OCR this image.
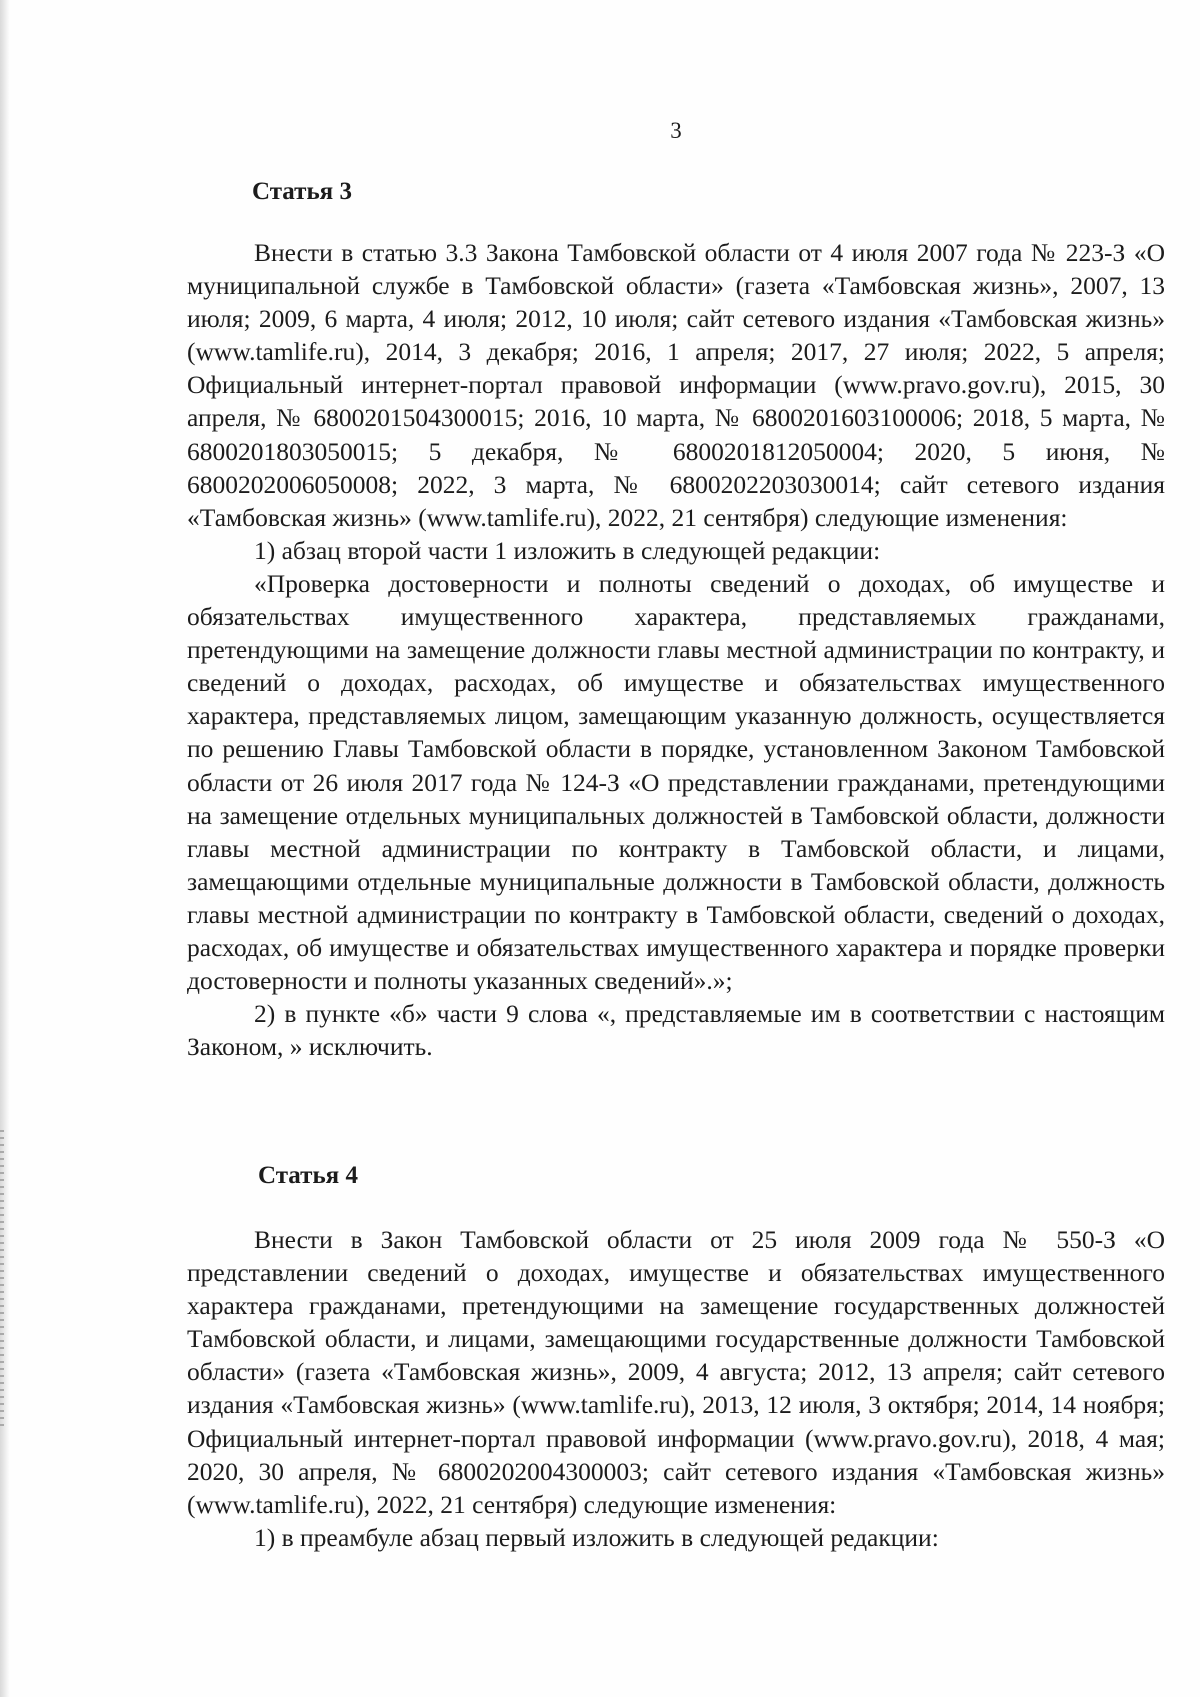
3
Статья 3

Внести в статью 3.3 Закона Тамбовской области от 4 июля 2007 года № 223-З «О муниципальной службе в Тамбовской области» (газета «Тамбовская жизнь», 2007, 13 июля; 2009, 6 марта, 4 июля; 2012, 10 июля; сайт сетевого издания «Тамбовская жизнь» (www.tamlife.ru), 2014, 3 декабря; 2016, 1 апреля; 2017, 27 июля; 2022, 5 апреля; Официальный интернет-портал правовой информации (www.pravo.gov.ru), 2015, 30 апреля, № 6800201504300015; 2016, 10 марта, № 6800201603100006; 2018, 5 марта, № 6800201803050015; 5 декабря, № 6800201812050004; 2020, 5 июня, № 6800202006050008; 2022, 3 марта, № 6800202203030014; сайт сетевого издания «Тамбовская жизнь» (www.tamlife.ru), 2022, 21 сентября) следующие изменения:

1) абзац второй части 1 изложить в следующей редакции:

«Проверка достоверности и полноты сведений о доходах, об имуществе и обязательствах имущественного характера, представляемых гражданами, претендующими на замещение должности главы местной администрации по контракту, и сведений о доходах, расходах, об имуществе и обязательствах имущественного характера, представляемых лицом, замещающим указанную должность, осуществляется по решению Главы Тамбовской области в порядке, установленном Законом Тамбовской области от 26 июля 2017 года № 124-З «О представлении гражданами, претендующими на замещение отдельных муниципальных должностей в Тамбовской области, должности главы местной администрации по контракту в Тамбовской области, и лицами, замещающими отдельные муниципальные должности в Тамбовской области, должность главы местной администрации по контракту в Тамбовской области, сведений о доходах, расходах, об имуществе и обязательствах имущественного характера и порядке проверки достоверности и полноты указанных сведений».»;

2) в пункте «б» части 9 слова «, представляемые им в соответствии с настоящим Законом, » исключить.

Статья 4

Внести в Закон Тамбовской области от 25 июля 2009 года № 550-З «О представлении сведений о доходах, имуществе и обязательствах имущественного характера гражданами, претендующими на замещение государственных должностей Тамбовской области, и лицами, замещающими государственные должности Тамбовской области» (газета «Тамбовская жизнь», 2009, 4 августа; 2012, 13 апреля; сайт сетевого издания «Тамбовская жизнь» (www.tamlife.ru), 2013, 12 июля, 3 октября; 2014, 14 ноября; Официальный интернет-портал правовой информации (www.pravo.gov.ru), 2018, 4 мая; 2020, 30 апреля, № 6800202004300003; сайт сетевого издания «Тамбовская жизнь» (www.tamlife.ru), 2022, 21 сентября) следующие изменения:

1) в преамбуле абзац первый изложить в следующей редакции:
